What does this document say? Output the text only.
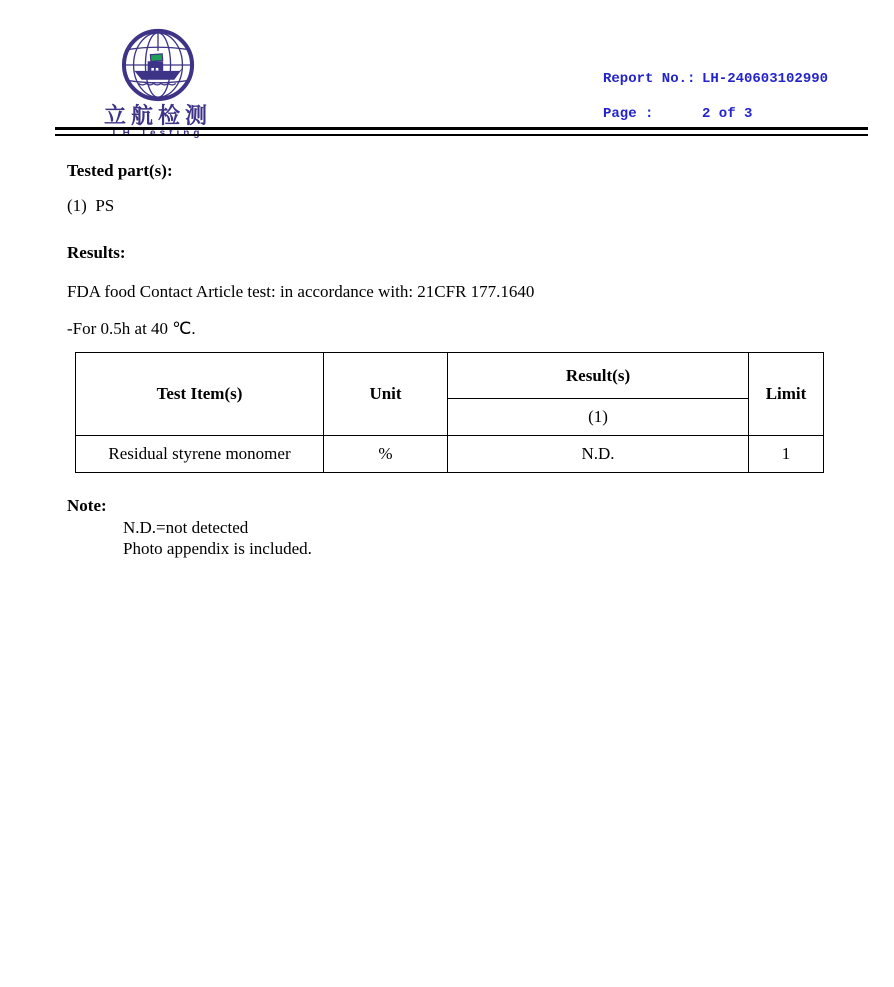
立航检测
LH Testing
Report No.: LH-240603102990
Page :	2 of 3
Tested part(s):
(1)  PS
Results:
FDA food Contact Article test: in accordance with: 21CFR 177.1640
-For 0.5h at 40 ℃.
Test Item(s)	Unit	Result(s)	Limit
		(1)	
Residual styrene monomer	%	N.D.	1
Note:
N.D.=not detected
Photo appendix is included.
